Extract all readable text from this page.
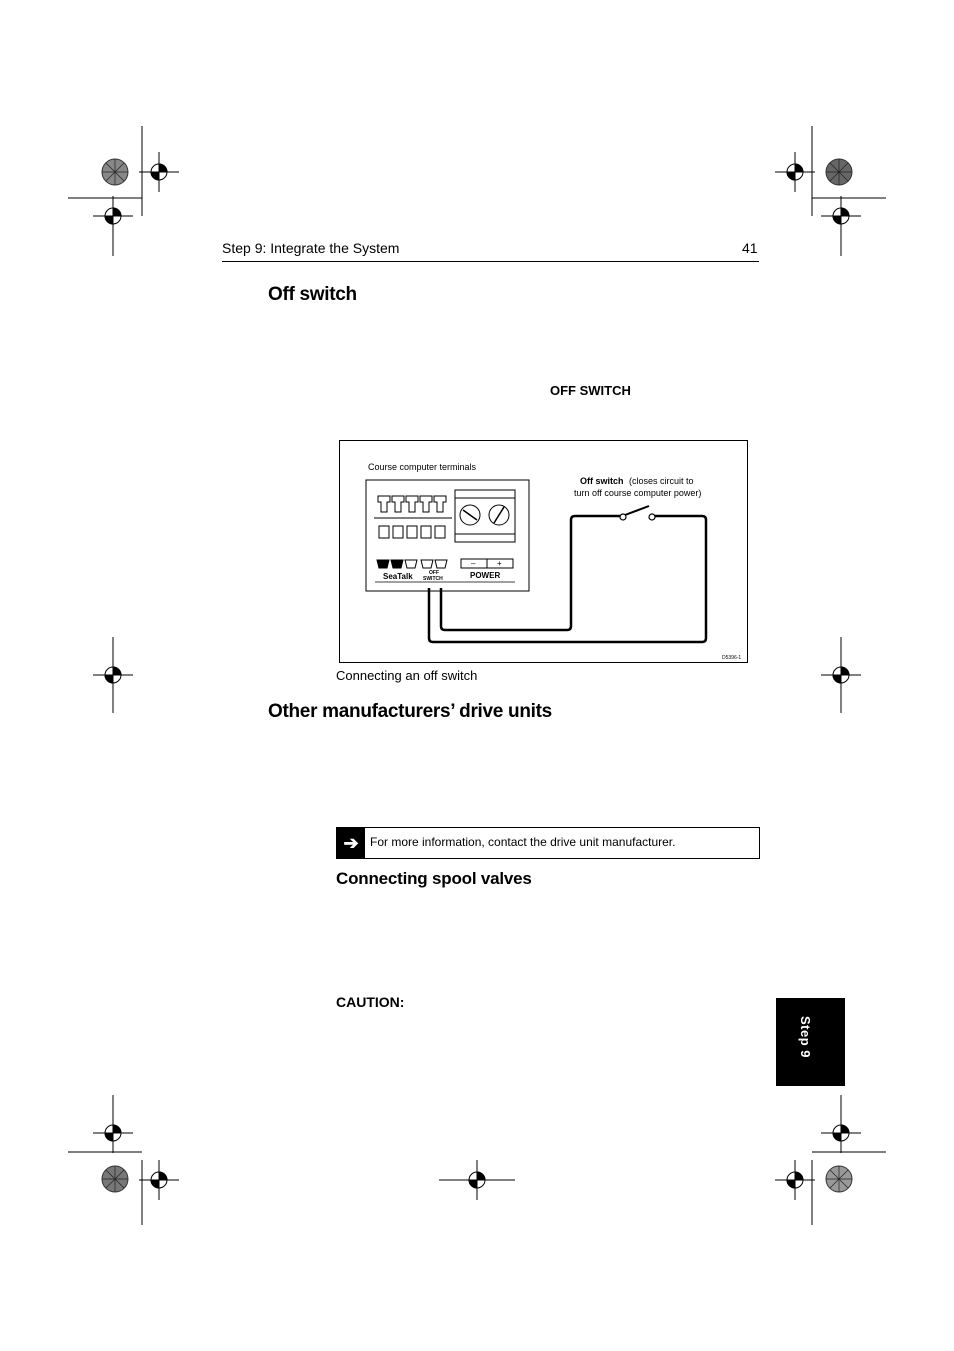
Step 9: Integrate the System	41
Off switch
OFF SWITCH
SeaTalk	OFF
SWITCH	POWER
–	+
Course computer terminals
Off switch (closes circuit to
turn off course computer power)
D5396-1
Connecting an off switch
Other manufacturers’ drive units
➔ For more information, contact the drive unit manufacturer.
Connecting spool valves
CAUTION:
Step 9
